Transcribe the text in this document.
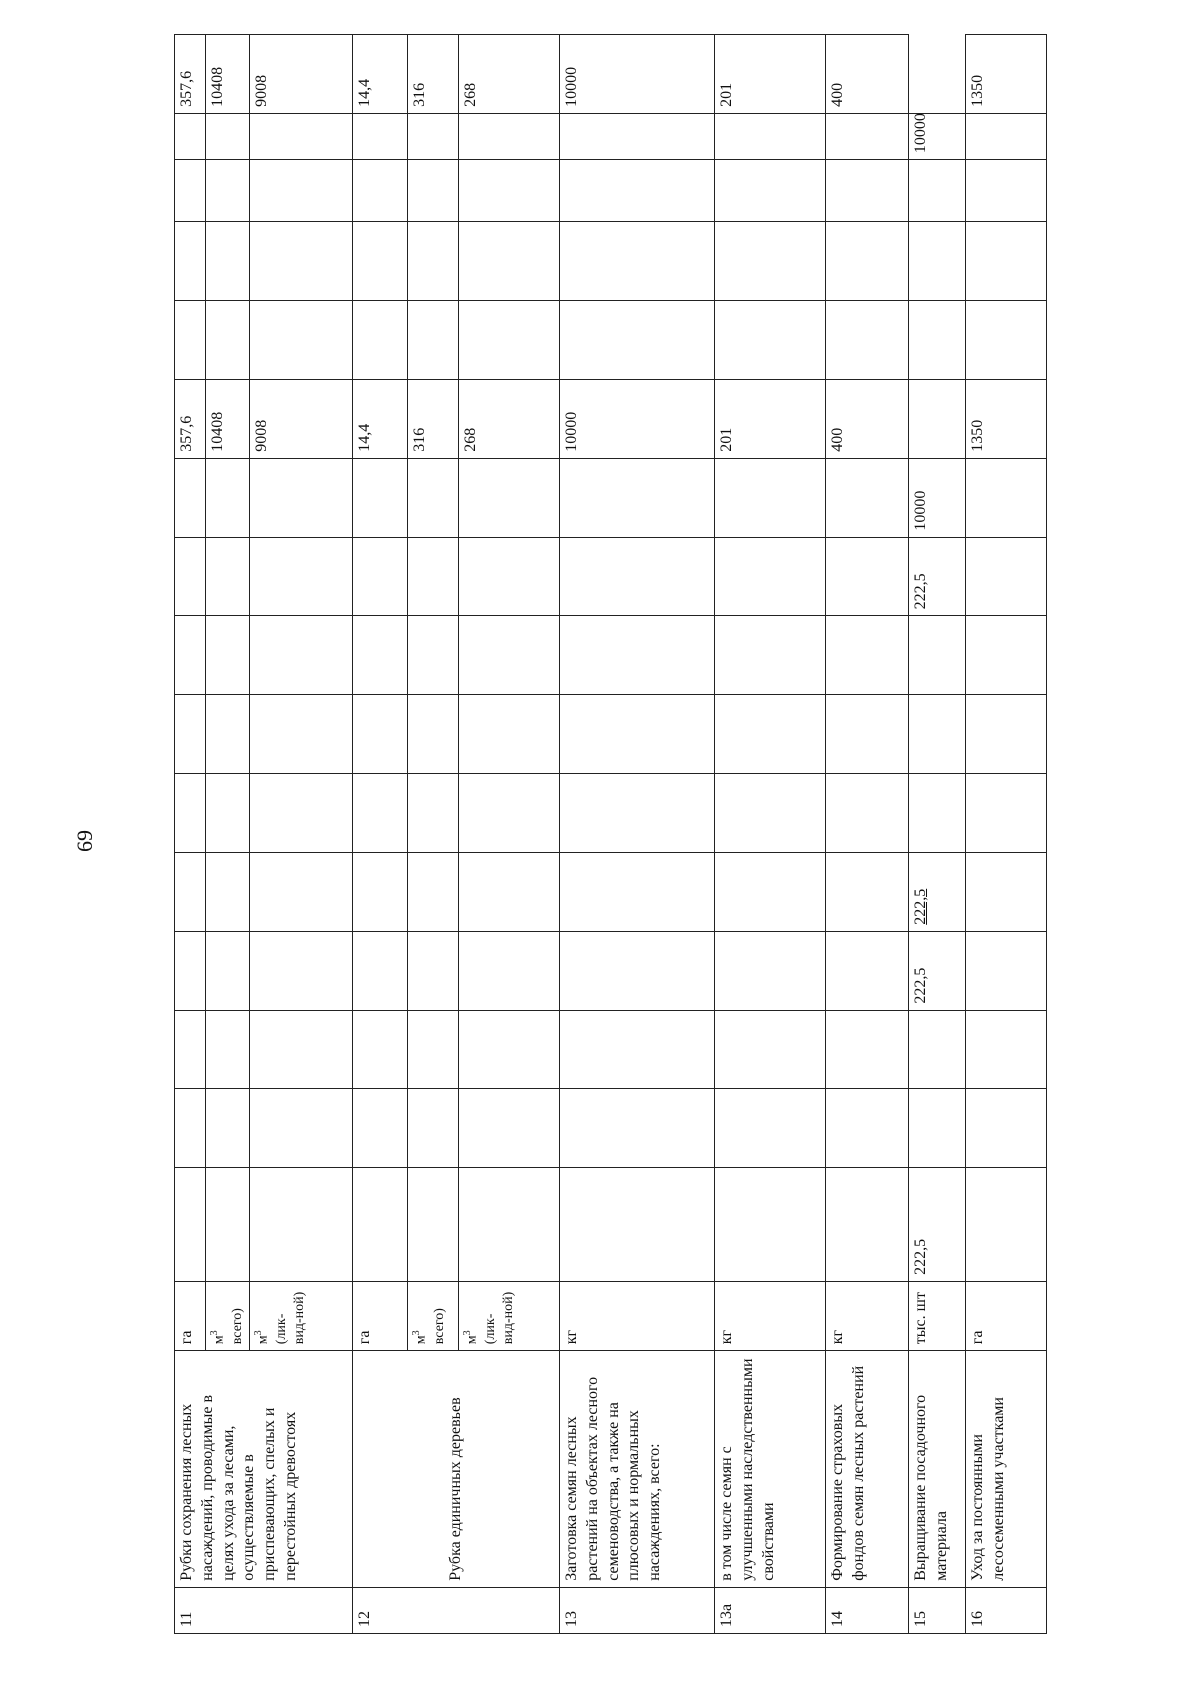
69
11	Рубки сохранения лесных насаждений, проводимые в целях ухода за лесами, осуществляемые в приспевающих, спелых и перестойных древостоях	га											357,6					357,6
		$м^3$ всего)											10408					10408
		$м^3$ (лик-вид-ной)											9008					9008
12	Рубка единичных деревьев	га											14,4					14,4
		$м^3$ всего)											316					316
		$м^3$ (лик-вид-ной)											268					268
13	Заготовка семян лесных растений на объектах лесного семеноводства, а также на плюсовых и нормальных насаждениях, всего:	кг											10000					10000
13а	в том числе семян с улучшенными наследственными свойствами	кг											201					201
14	Формирование страховых фондов семян лесных растений	кг											400					400
15	Выращивание посадочного материала	тыс. шт	222,5			222,5	222,5				222,5	10000					10000	
16	Уход за постоянными лесосеменными участками	га											1350					1350
